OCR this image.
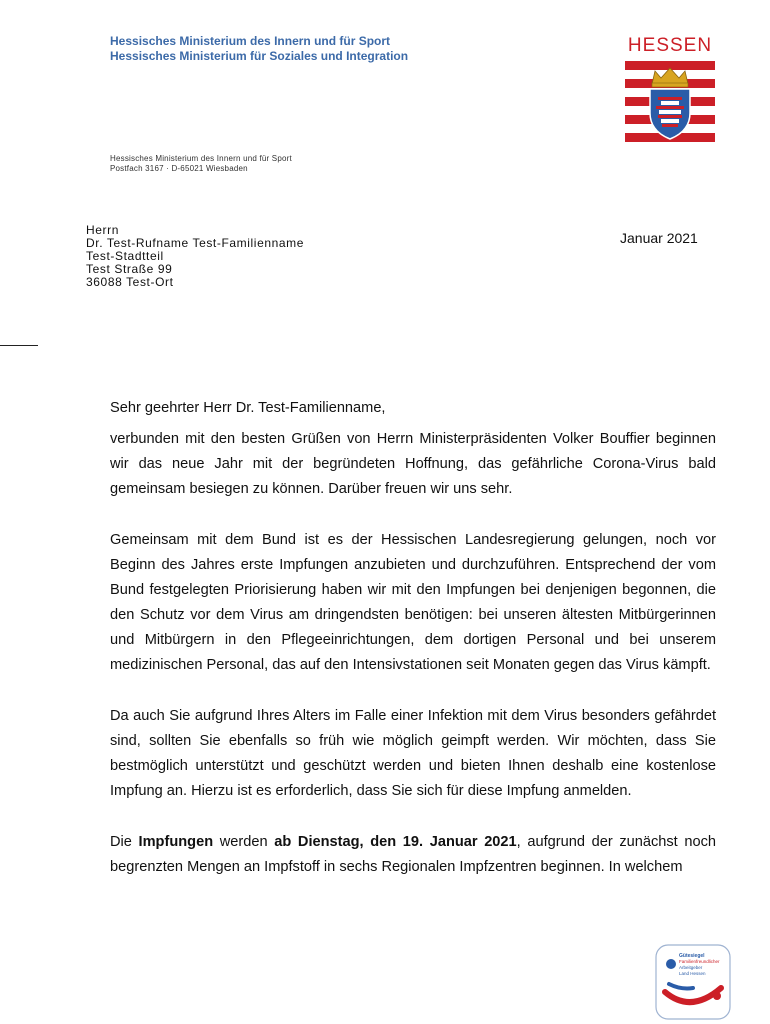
Hessisches Ministerium des Innern und für Sport
Hessisches Ministerium für Soziales und Integration	HESSEN
Hessisches Ministerium des Innern und für Sport
Postfach 3167 · D-65021 Wiesbaden
Herrn
Dr. Test-Rufname Test-Familienname
Test-Stadtteil
Test Straße 99
36088 Test-Ort
Januar 2021

Sehr geehrter Herr Dr. Test-Familienname,

verbunden mit den besten Grüßen von Herrn Ministerpräsidenten Volker Bouffier beginnen wir das neue Jahr mit der begründeten Hoffnung, das gefährliche Corona-Virus bald gemeinsam besiegen zu können. Darüber freuen wir uns sehr.

Gemeinsam mit dem Bund ist es der Hessischen Landesregierung gelungen, noch vor Beginn des Jahres erste Impfungen anzubieten und durchzuführen. Entsprechend der vom Bund festgelegten Priorisierung haben wir mit den Impfungen bei denjenigen begonnen, die den Schutz vor dem Virus am dringendsten benötigen: bei unseren ältesten Mitbürgerinnen und Mitbürgern in den Pflegeeinrichtungen, dem dortigen Personal und bei unserem medizinischen Personal, das auf den Intensivstationen seit Monaten gegen das Virus kämpft.

Da auch Sie aufgrund Ihres Alters im Falle einer Infektion mit dem Virus besonders gefährdet sind, sollten Sie ebenfalls so früh wie möglich geimpft werden. Wir möchten, dass Sie bestmöglich unterstützt und geschützt werden und bieten Ihnen deshalb eine kostenlose Impfung an. Hierzu ist es erforderlich, dass Sie sich für diese Impfung anmelden.

Die Impfungen werden ab Dienstag, den 19. Januar 2021, aufgrund der zunächst noch begrenzten Mengen an Impfstoff in sechs Regionalen Impfzentren beginnen. In welchem

Gütesiegel
Familienfreundlicher
Arbeitgeber
Land Hessen
